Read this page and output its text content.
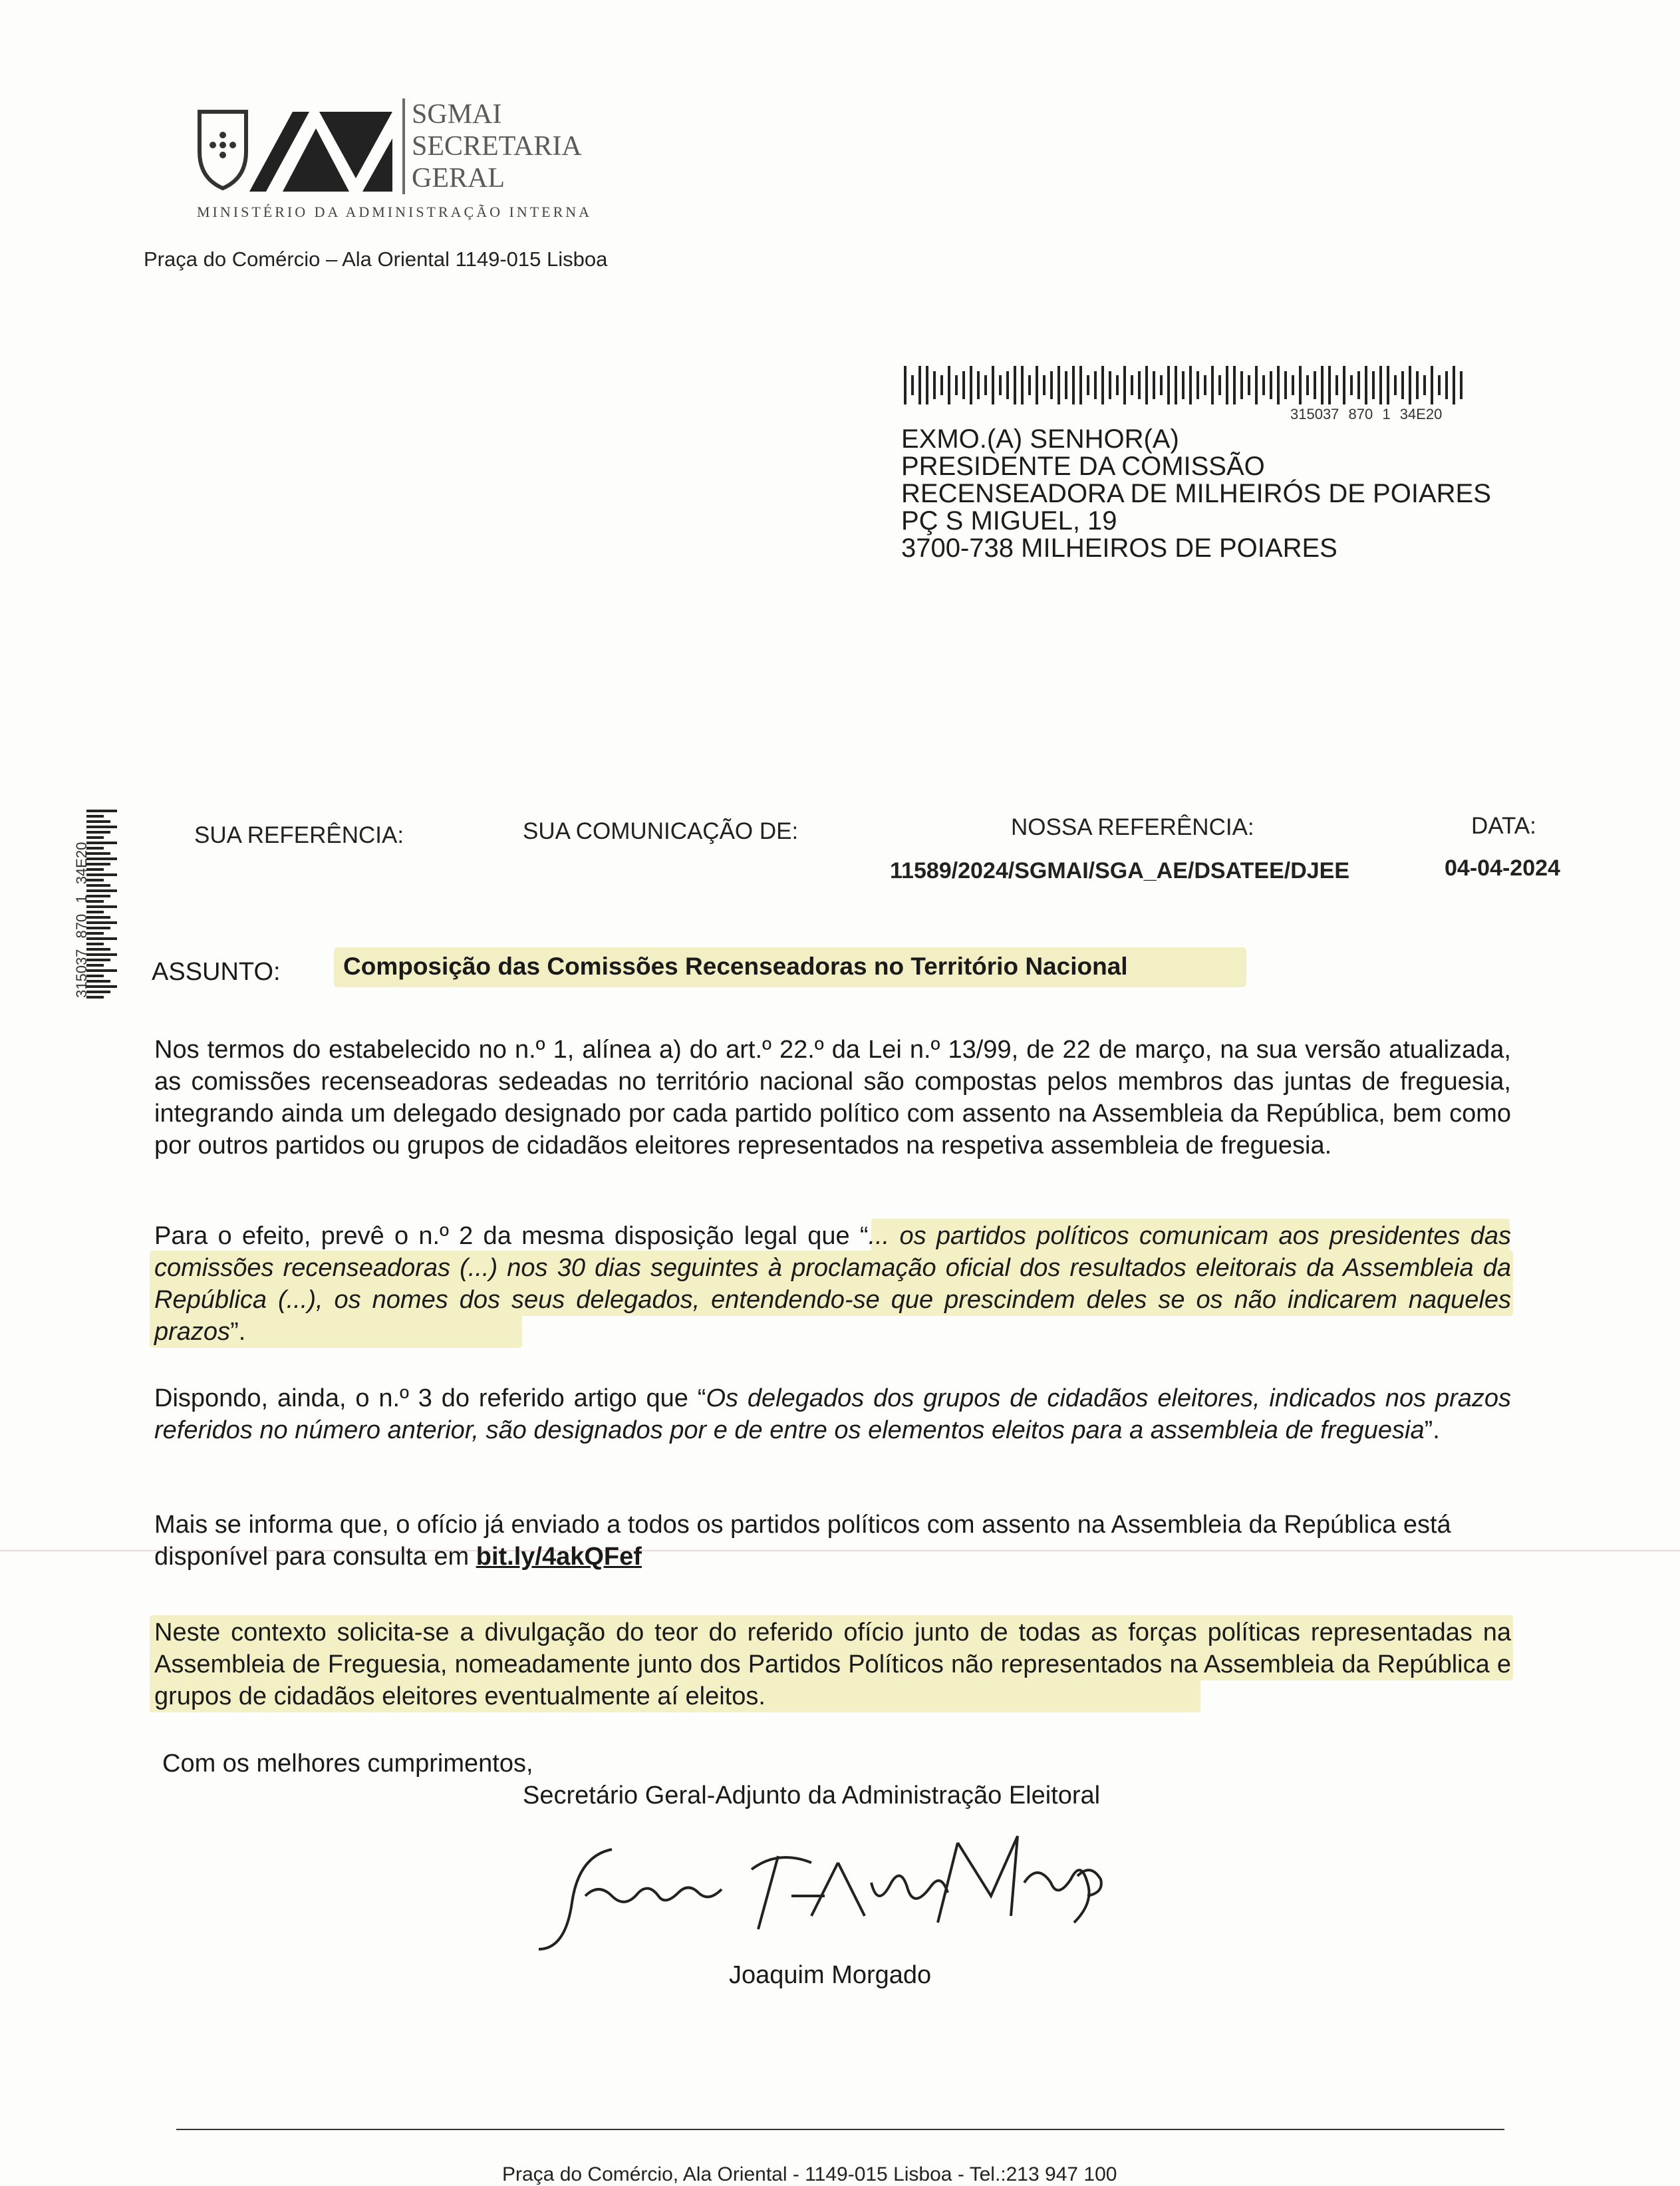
SGMAI
SECRETARIA
GERAL
MINISTÉRIO DA ADMINISTRAÇÃO INTERNA
Praça do Comércio – Ala Oriental 1149-015 Lisboa
315037 870 1 34E20
EXMO.(A) SENHOR(A)
PRESIDENTE DA COMISSÃO
RECENSEADORA DE MILHEIRÓS DE POIARES
PÇ S MIGUEL, 19
3700-738 MILHEIROS DE POIARES
315037 870 1 34E20
SUA REFERÊNCIA:	SUA COMUNICAÇÃO DE:	NOSSA REFERÊNCIA:
11589/2024/SGMAI/SGA_AE/DSATEE/DJEE
DATA:
04-04-2024
ASSUNTO:	Composição das Comissões Recenseadoras no Território Nacional
Nos termos do estabelecido no n.º 1, alínea a) do art.º 22.º da Lei n.º 13/99, de 22 de março, na sua versão atualizada, as comissões recenseadoras sedeadas no território nacional são compostas pelos membros das juntas de freguesia, integrando ainda um delegado designado por cada partido político com assento na Assembleia da República, bem como por outros partidos ou grupos de cidadãos eleitores representados na respetiva assembleia de freguesia.
Para o efeito, prevê o n.º 2 da mesma disposição legal que “... os partidos políticos comunicam aos presidentes das comissões recenseadoras (...) nos 30 dias seguintes à proclamação oficial dos resultados eleitorais da Assembleia da República (...), os nomes dos seus delegados, entendendo-se que prescindem deles se os não indicarem naqueles prazos”.
Dispondo, ainda, o n.º 3 do referido artigo que “Os delegados dos grupos de cidadãos eleitores, indicados nos prazos referidos no número anterior, são designados por e de entre os elementos eleitos para a assembleia de freguesia”.
Mais se informa que, o ofício já enviado a todos os partidos políticos com assento na Assembleia da República está disponível para consulta em bit.ly/4akQFef
Neste contexto solicita-se a divulgação do teor do referido ofício junto de todas as forças políticas representadas na Assembleia de Freguesia, nomeadamente junto dos Partidos Políticos não representados na Assembleia da República e grupos de cidadãos eleitores eventualmente aí eleitos.
Com os melhores cumprimentos,
Secretário Geral-Adjunto da Administração Eleitoral
Joaquim Morgado
Praça do Comércio, Ala Oriental - 1149-015 Lisboa - Tel.:213 947 100
